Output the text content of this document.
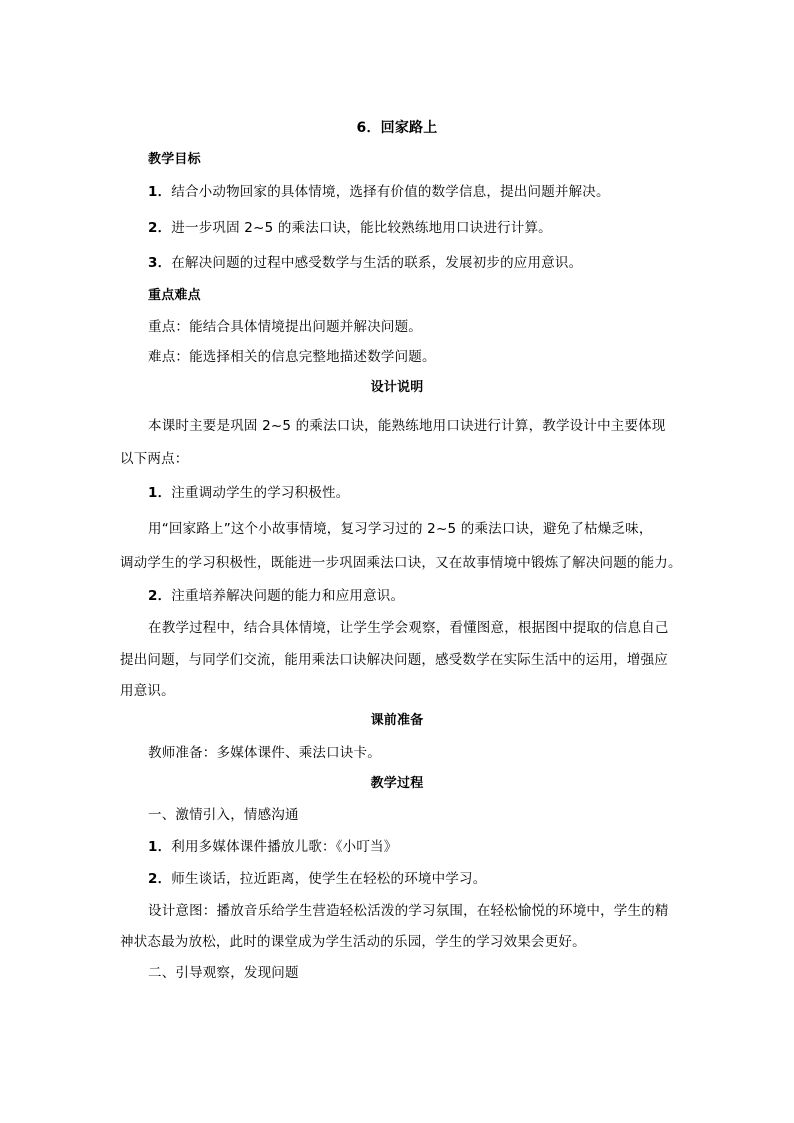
6．回家路上
教学目标
1．结合小动物回家的具体情境，选择有价值的数学信息，提出问题并解决。
2．进一步巩固 2~5 的乘法口诀，能比较熟练地用口诀进行计算。
3．在解决问题的过程中感受数学与生活的联系，发展初步的应用意识。
重点难点
重点：能结合具体情境提出问题并解决问题。
难点：能选择相关的信息完整地描述数学问题。
设计说明
本课时主要是巩固 2~5 的乘法口诀，能熟练地用口诀进行计算，教学设计中主要体现
以下两点：
1．注重调动学生的学习积极性。
用“回家路上”这个小故事情境，复习学习过的 2~5 的乘法口诀，避免了枯燥乏味，
调动学生的学习积极性，既能进一步巩固乘法口诀，又在故事情境中锻炼了解决问题的能力。
2．注重培养解决问题的能力和应用意识。
在教学过程中，结合具体情境，让学生学会观察，看懂图意，根据图中提取的信息自己
提出问题，与同学们交流，能用乘法口诀解决问题，感受数学在实际生活中的运用，增强应
用意识。
课前准备
教师准备：多媒体课件、乘法口诀卡。
教学过程
一、激情引入，情感沟通
1．利用多媒体课件播放儿歌：《小叮当》
2．师生谈话，拉近距离，使学生在轻松的环境中学习。
设计意图：播放音乐给学生营造轻松活泼的学习氛围，在轻松愉悦的环境中，学生的精
神状态最为放松，此时的课堂成为学生活动的乐园，学生的学习效果会更好。
二、引导观察，发现问题
